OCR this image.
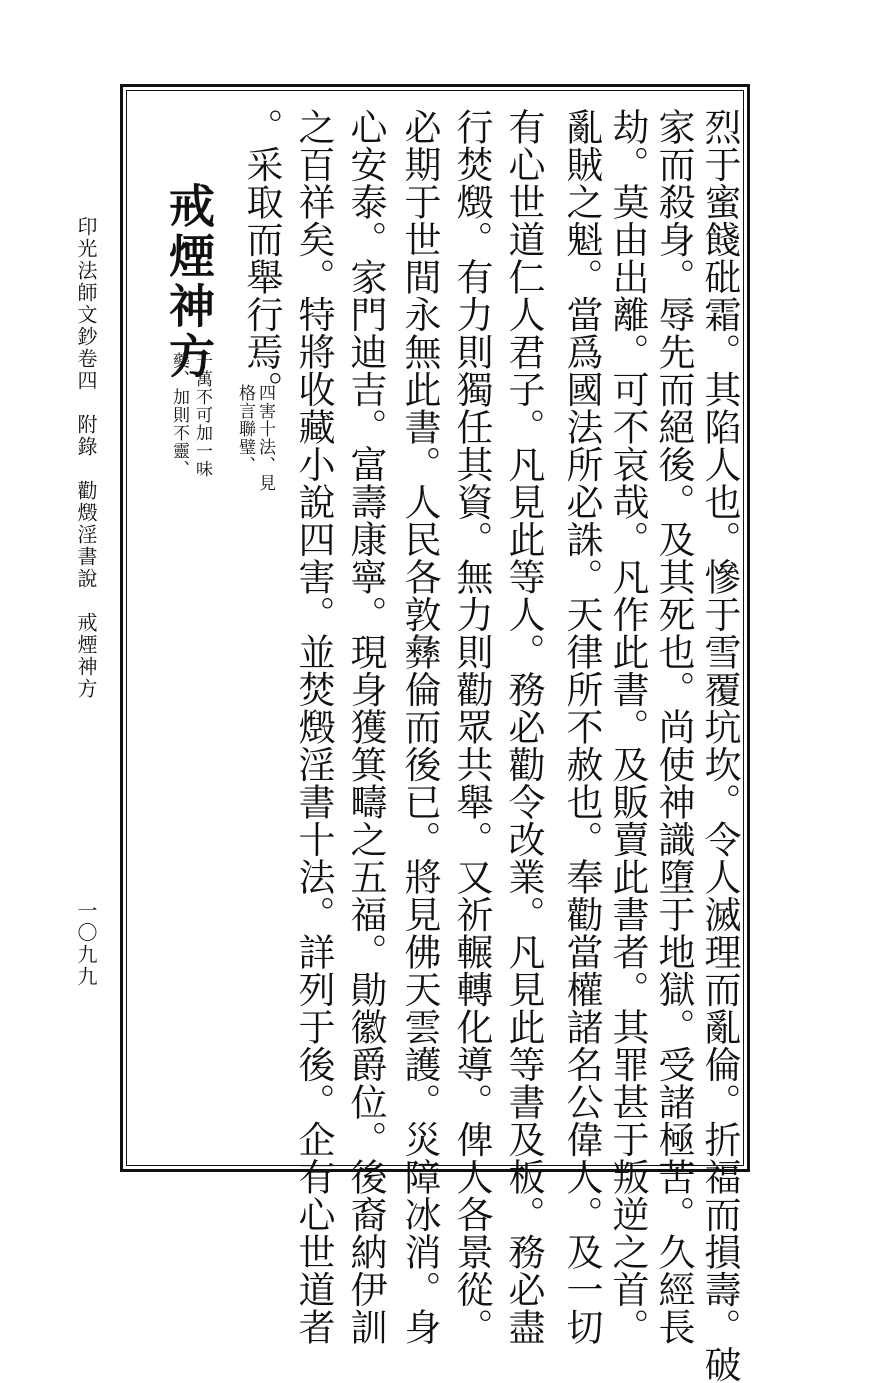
印光法師文鈔卷四　附錄　勸燬淫書說　戒煙神方
一〇九九	烈于蜜餞砒霜。其陷人也。慘于雪覆坑坎。令人滅理而亂倫。折福而損壽。破
家而殺身。辱先而絕後。及其死也。尚使神識墮于地獄。受諸極苦。久經長
劫。莫由出離。可不哀哉。凡作此書。及販賣此書者。其罪甚于叛逆之首。
亂賊之魁。當爲國法所必誅。天律所不赦也。奉勸當權諸名公偉人。及一切
有心世道仁人君子。凡見此等人。務必勸令改業。凡見此等書及板。務必盡
行焚燬。有力則獨任其資。無力則勸眾共舉。又祈輾轉化導。俾人各景從。
必期于世間永無此書。人民各敦彝倫而後已。將見佛天雲護。災障冰消。身
心安泰。家門迪吉。富壽康寧。現身獲箕疇之五福。勛徽爵位。後裔納伊訓
之百祥矣。特將收藏小說四害。並焚燬淫書十法。詳列于後。企有心世道者
。采取而舉行焉。
四害十法、見
格言聯璧、
戒煙神方
千萬不可加一味
藥、加則不靈、
